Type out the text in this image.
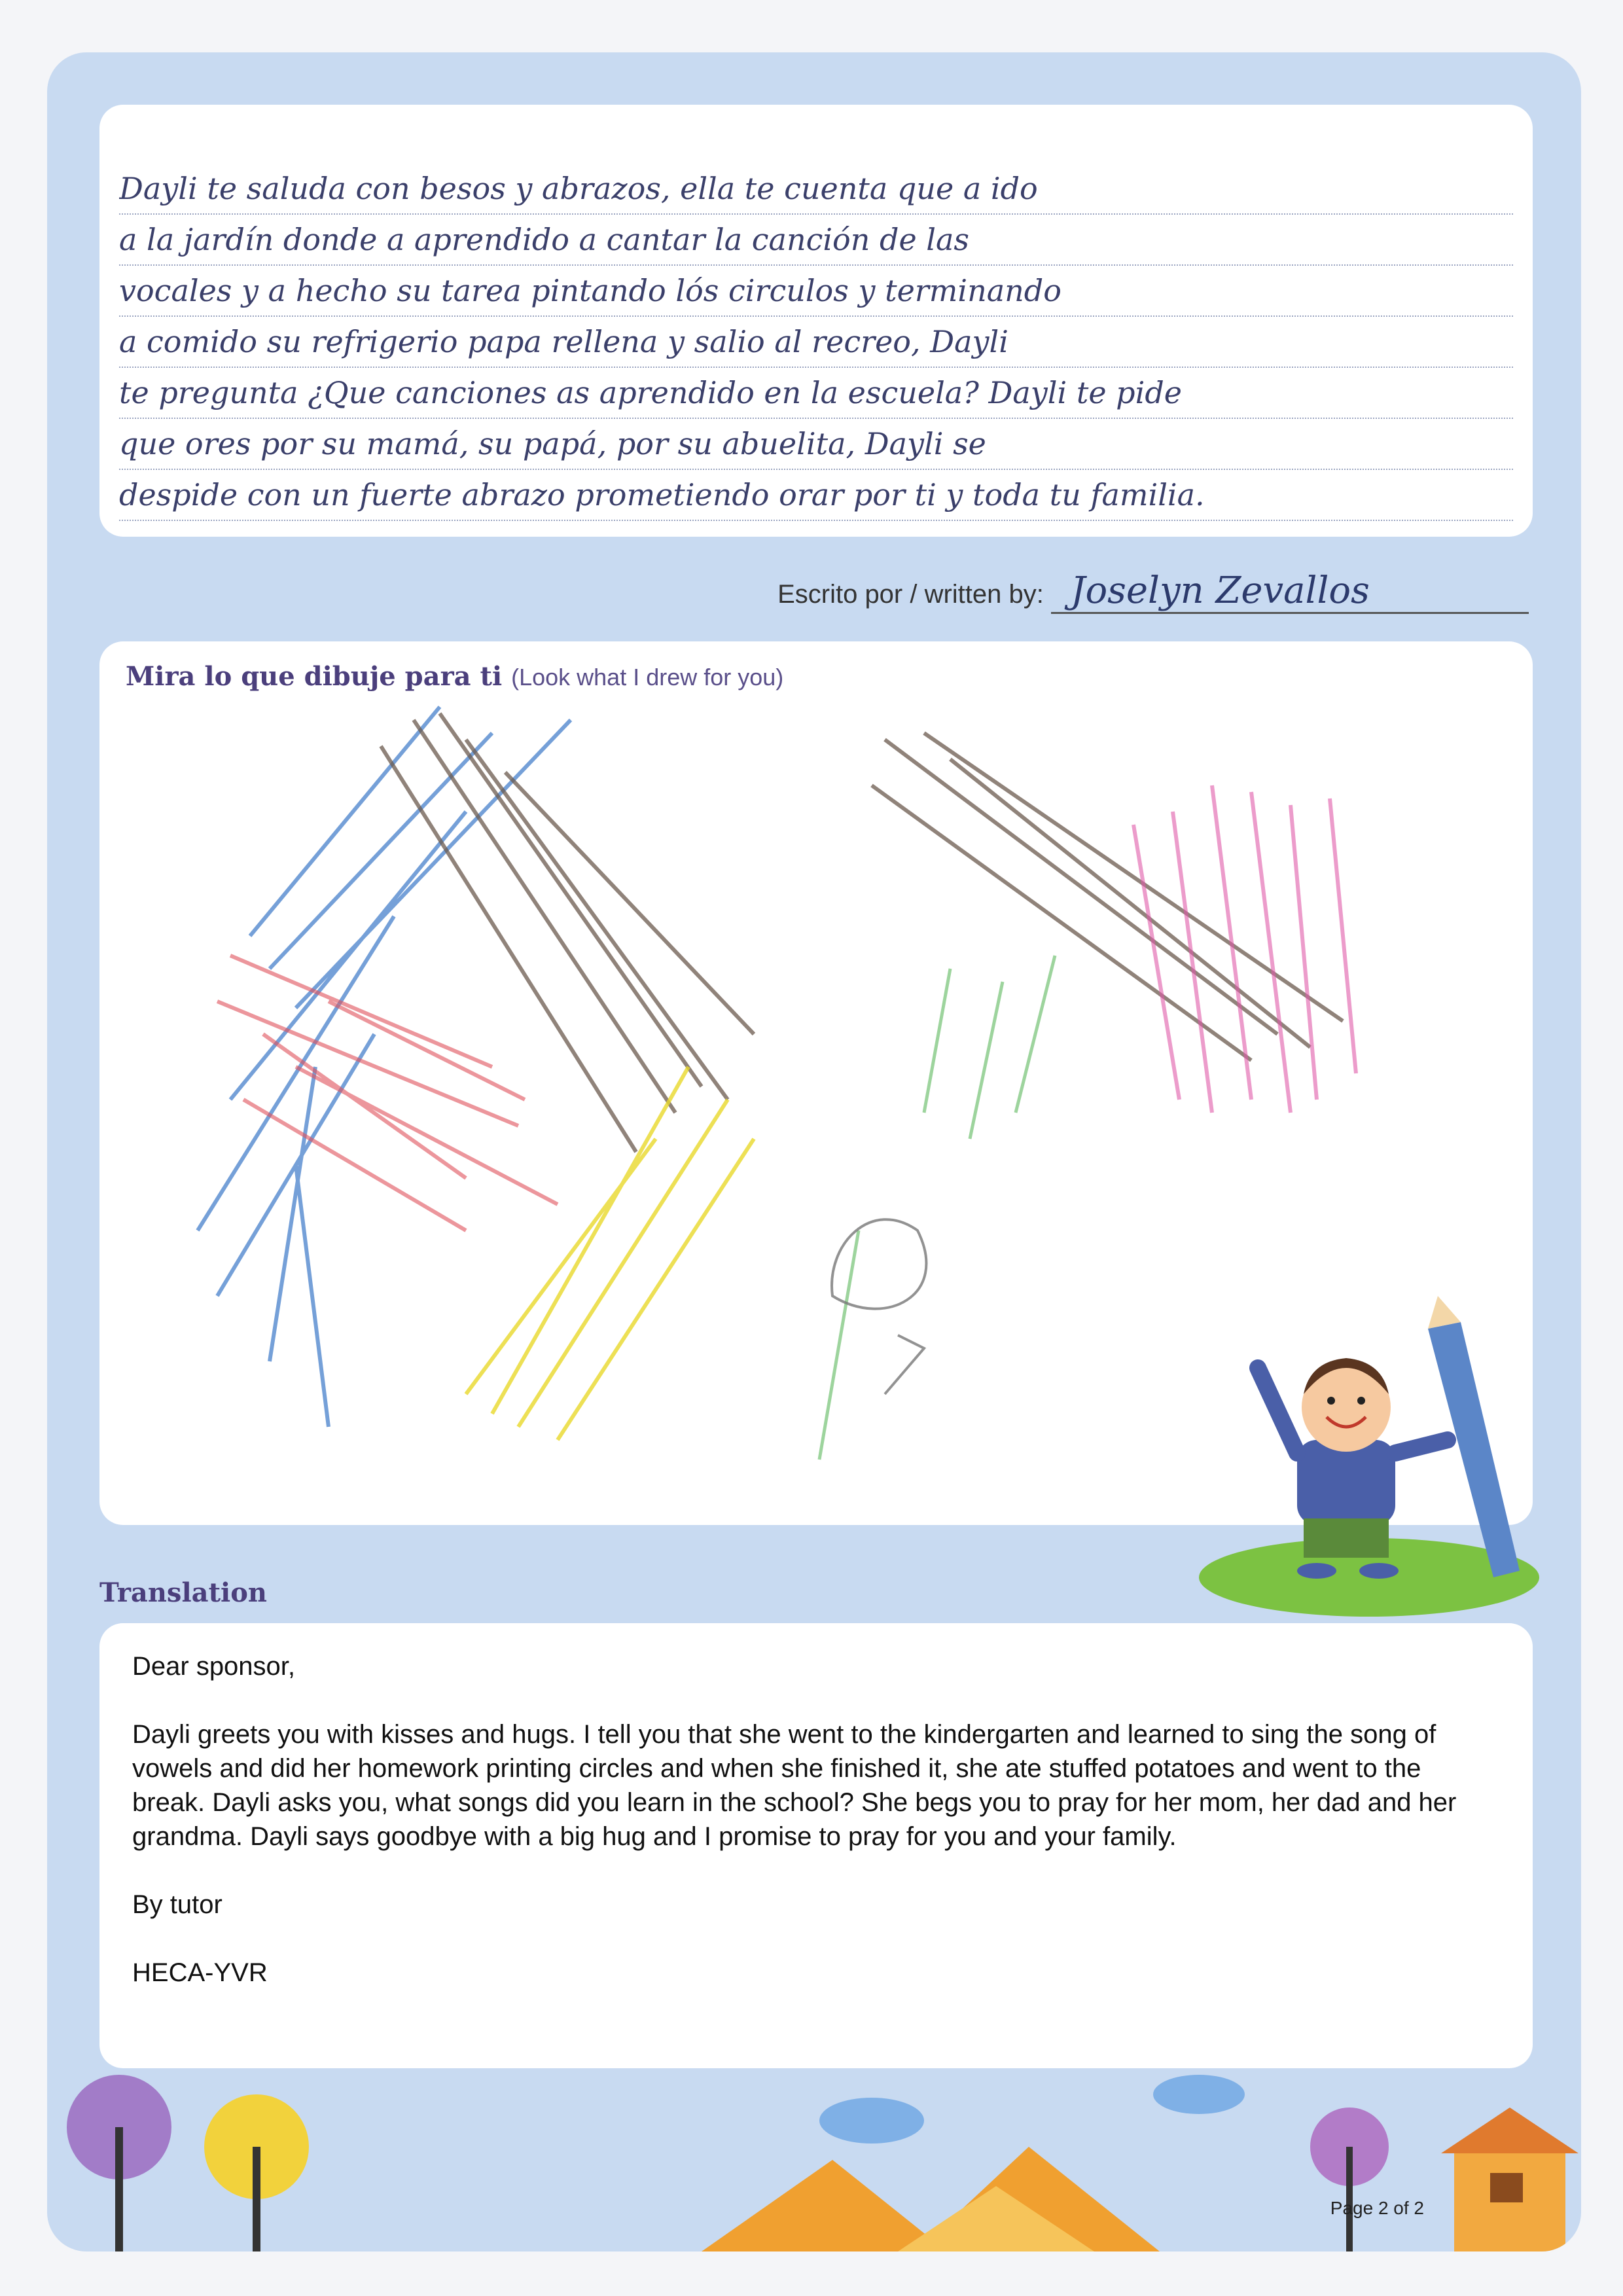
Dayli te saluda con besos y abrazos, ella te cuenta que a ido
a la jardín donde a aprendido a cantar la canción de las
vocales y a hecho su tarea pintando lós circulos y terminando
a comido su refrigerio papa rellena y salio al recreo, Dayli
te pregunta ¿Que canciones as aprendido en la escuela? Dayli te pide
que ores por su mamá, su papá, por su abuelita, Dayli se
despide con un fuerte abrazo prometiendo orar por ti y toda tu familia.
Escrito por / written by: Joselyn Zevallos
Mira lo que dibuje para ti (Look what I drew for you)
Translation

Dear sponsor,

Dayli greets you with kisses and hugs. I tell you that she went to the kindergarten and learned to sing the song of vowels and did her homework printing circles and when she finished it, she ate stuffed potatoes and went to the break. Dayli asks you, what songs did you learn in the school? She begs you to pray for her mom, her dad and her grandma. Dayli says goodbye with a big hug and I promise to pray for you and your family.

By tutor

HECA-YVR

Page 2 of 2
